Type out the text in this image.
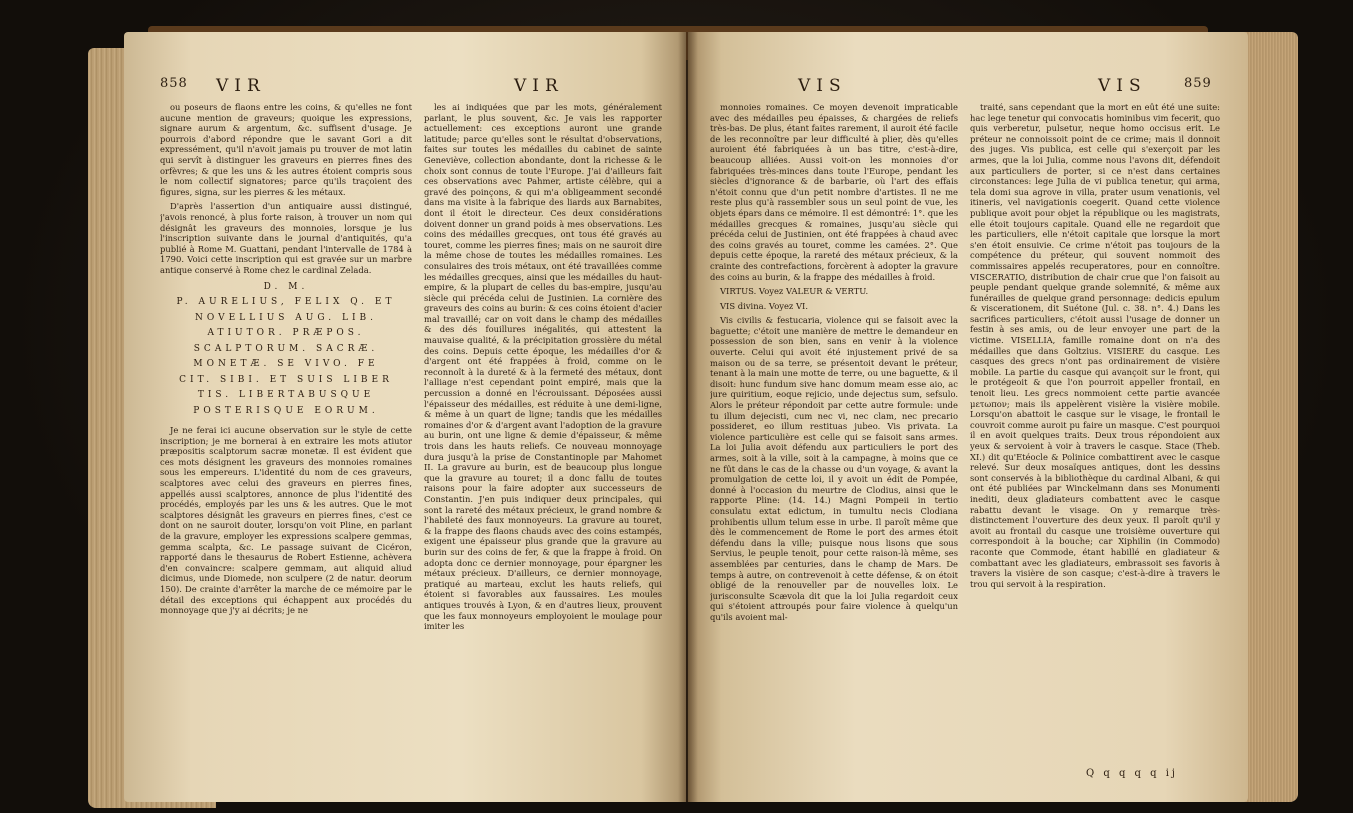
858 VIR	VIR

ou poseurs de flaons entre les coins, & qu'elles ne font aucune mention de graveurs; quoique les expressions, signare aurum & argentum, &c. suffisent d'usage. Je pourrois d'abord répondre que le savant Gori a dit expressément, qu'il n'avoit jamais pu trouver de mot latin qui servît à distinguer les graveurs en pierres fines des orfèvres; & que les uns & les autres étoient compris sous le nom collectif signatores; parce qu'ils traçoient des figures, signa, sur les pierres & les métaux.

D'après l'assertion d'un antiquaire aussi distingué, j'avois renoncé, à plus forte raison, à trouver un nom qui désignât les graveurs des monnoies, lorsque je lus l'inscription suivante dans le journal d'antiquités, qu'a publié à Rome M. Guattani, pendant l'intervalle de 1784 à 1790. Voici cette inscription qui est gravée sur un marbre antique conservé à Rome chez le cardinal Zelada.

D. M.
P. AURELIUS, FELIX Q. ET
NOVELLIUS AUG. LIB.
ATIUTOR. PRÆPOS.
SCALPTORUM. SACRÆ.
MONETÆ. SE VIVO. FE
CIT. SIBI. ET SUIS LIBER
TIS. LIBERTABUSQUE
POSTERISQUE EORUM.

Je ne ferai ici aucune observation sur le style de cette inscription; je me bornerai à en extraire les mots atiutor præpositis scalptorum sacræ monetæ. Il est évident que ces mots désignent les graveurs des monnoies romaines sous les empereurs. L'identité du nom de ces graveurs, scalptores avec celui des graveurs en pierres fines, appellés aussi scalptores, annonce de plus l'identité des procédés, employés par les uns & les autres. Que le mot scalptores désignât les graveurs en pierres fines, c'est ce dont on ne sauroit douter, lorsqu'on voit Pline, en parlant de la gravure, employer les expressions scalpere gemmas, gemma scalpta, &c. Le passage suivant de Cicéron, rapporté dans le thesaurus de Robert Estienne, achèvera d'en convaincre: scalpere gemmam, aut aliquid aliud dicimus, unde Diomede, non sculpere (2 de natur. deorum 150). De crainte d'arrêter la marche de ce mémoire par le détail des exceptions qui échappent aux procédés du monnoyage que j'y ai décrits; je ne

les ai indiquées que par les mots, généralement parlant, le plus souvent, &c. Je vais les rapporter actuellement: ces exceptions auront une grande latitude; parce qu'elles sont le résultat d'observations, faites sur toutes les médailles du cabinet de sainte Geneviève, collection abondante, dont la richesse & le choix sont connus de toute l'Europe. J'ai d'ailleurs fait ces observations avec Pahmer, artiste célèbre, qui a gravé des poinçons, & qui m'a obligeamment secondé dans ma visite à la fabrique des liards aux Barnabites, dont il étoit le directeur. Ces deux considérations doivent donner un grand poids à mes observations. Les coins des médailles grecques, ont tous été gravés au touret, comme les pierres fines; mais on ne sauroit dire la même chose de toutes les médailles romaines. Les consulaires des trois métaux, ont été travaillées comme les médailles grecques, ainsi que les médailles du haut-empire, & la plupart de celles du bas-empire, jusqu'au siècle qui précéda celui de Justinien. La cornière des graveurs des coins au burin: & ces coins étoient d'acier mal travaillé; car on voit dans le champ des médailles & des dés fouillures inégalités, qui attestent la mauvaise qualité, & la précipitation grossière du métal des coins. Depuis cette époque, les médailles d'or & d'argent ont été frappées à froid, comme on le reconnoît à la dureté & à la fermeté des métaux, dont l'alliage n'est cependant point empiré, mais que la percussion a donné en l'écrouissant. Déposées aussi l'épaisseur des médailles, est réduite à une demi-ligne, & même à un quart de ligne; tandis que les médailles romaines d'or & d'argent avant l'adoption de la gravure au burin, ont une ligne & demie d'épaisseur, & même trois dans les hauts reliefs. Ce nouveau monnoyage dura jusqu'à la prise de Constantinople par Mahomet II. La gravure au burin, est de beaucoup plus longue que la gravure au touret; il a donc fallu de toutes raisons pour la faire adopter aux successeurs de Constantin. J'en puis indiquer deux principales, qui sont la rareté des métaux précieux, le grand nombre & l'habileté des faux monnoyeurs. La gravure au touret, & la frappe des flaons chauds avec des coins estampés, exigent une épaisseur plus grande que la gravure au burin sur des coins de fer, & que la frappe à froid. On adopta donc ce dernier monnoyage, pour épargner les métaux précieux. D'ailleurs, ce dernier monnoyage, pratiqué au marteau, exclut les hauts reliefs, qui étoient si favorables aux faussaires. Les moules antiques trouvés à Lyon, & en d'autres lieux, prouvent que les faux monnoyeurs employoient le moulage pour imiter les

VIS	VIS	859

monnoies romaines. Ce moyen devenoit impraticable avec des médailles peu épaisses, & chargées de reliefs très-bas. De plus, étant faites rarement, il auroit été facile de les reconnoître par leur difficulté à plier, dès qu'elles auroient été fabriquées à un bas titre, c'est-à-dire, beaucoup alliées. Aussi voit-on les monnoies d'or fabriquées très-minces dans toute l'Europe, pendant les siècles d'ignorance & de barbarie, où l'art des effais n'étoit connu que d'un petit nombre d'artistes. Il ne me reste plus qu'à rassembler sous un seul point de vue, les objets épars dans ce mémoire. Il est démontré: 1°. que les médailles grecques & romaines, jusqu'au siècle qui précéda celui de Justinien, ont été frappées à chaud avec des coins gravés au touret, comme les camées. 2°. Que depuis cette époque, la rareté des métaux précieux, & la crainte des contrefactions, forcèrent à adopter la gravure des coins au burin, & la frappe des médailles à froid.

VIRTUS. Voyez VALEUR & VERTU.

VIS divina. Voyez VI.

Vis civilis & festucaria, violence qui se faisoit avec la baguette; c'étoit une manière de mettre le demandeur en possession de son bien, sans en venir à la violence ouverte. Celui qui avoit été injustement privé de sa maison ou de sa terre, se présentoit devant le préteur, tenant à la main une motte de terre, ou une baguette, & il disoit: hunc fundum sive hanc domum meam esse aio, ac jure quiritium, eoque rejicio, unde dejectus sum, sefsulo. Alors le préteur répondoit par cette autre formule: unde tu illum dejecisti, cum nec vi, nec clam, nec precario possideret, eo illum restituas jubeo. Vis privata. La violence particulière est celle qui se faisoit sans armes. La loi Julia avoit défendu aux particuliers le port des armes, soit à la ville, soit à la campagne, à moins que ce ne fût dans le cas de la chasse ou d'un voyage, & avant la promulgation de cette loi, il y avoit un édit de Pompée, donné à l'occasion du meurtre de Clodius, ainsi que le rapporte Pline: (14. 14.) Magni Pompeii in tertio consulatu extat edictum, in tumultu necis Clodiana prohibentis ullum telum esse in urbe. Il paroît même que dès le commencement de Rome le port des armes étoit défendu dans la ville; puisque nous lisons que sous Servius, le peuple tenoit, pour cette raison-là même, ses assemblées par centuries, dans le champ de Mars. De temps à autre, on contrevenoit à cette défense, & on étoit obligé de la renouveller par de nouvelles loix. Le jurisconsulte Scævola dit que la loi Julia regardoit ceux qui s'étoient attroupés pour faire violence à quelqu'un qu'ils avoient mal-

traité, sans cependant que la mort en eût été une suite: hac lege tenetur qui convocatis hominibus vim fecerit, quo quis verberetur, pulsetur, neque homo occisus erit. Le préteur ne connoissoit point de ce crime; mais il donnoit des juges. Vis publica, est celle qui s'exerçoit par les armes, que la loi Julia, comme nous l'avons dit, défendoit aux particuliers de porter, si ce n'est dans certaines circonstances: lege Julia de vi publica tenetur, qui arma, tela domi sua agrove in villa, prater usum venationis, vel itineris, vel navigationis coegerit. Quand cette violence publique avoit pour objet la république ou les magistrats, elle étoit toujours capitale. Quand elle ne regardoit que les particuliers, elle n'étoit capitale que lorsque la mort s'en étoit ensuivie. Ce crime n'étoit pas toujours de la compétence du préteur, qui souvent nommoit des commissaires appelés recuperatores, pour en connoître. VISCERATIO, distribution de chair crue que l'on faisoit au peuple pendant quelque grande solemnité, & même aux funérailles de quelque grand personnage: dedicis epulum & viscerationem, dit Suétone (Jul. c. 38. n°. 4.) Dans les sacrifices particuliers, c'étoit aussi l'usage de donner un festin à ses amis, ou de leur envoyer une part de la victime. VISELLIA, famille romaine dont on n'a des médailles que dans Goltzius. VISIERE du casque. Les casques des grecs n'ont pas ordinairement de visière mobile. La partie du casque qui avançoit sur le front, qui le protégeoit & que l'on pourroit appeller frontail, en tenoit lieu. Les grecs nommoient cette partie avancée μετωπον; mais ils appelèrent visière la visière mobile. Lorsqu'on abattoit le casque sur le visage, le frontail le couvroit comme auroit pu faire un masque. C'est pourquoi il en avoit quelques traits. Deux trous répondoient aux yeux & servoient à voir à travers le casque. Stace (Theb. XI.) dit qu'Etéocle & Polinice combattirent avec le casque relevé. Sur deux mosaïques antiques, dont les dessins sont conservés à la bibliothèque du cardinal Albani, & qui ont été publiées par Winckelmann dans ses Monumenti inediti, deux gladiateurs combattent avec le casque rabattu devant le visage. On y remarque très-distinctement l'ouverture des deux yeux. Il paroît qu'il y avoit au frontail du casque une troisième ouverture qui correspondoit à la bouche; car Xiphilin (in Commodo) raconte que Commode, étant habillé en gladiateur & combattant avec les gladiateurs, embrassoit ses favoris à travers la visière de son casque; c'est-à-dire à travers le trou qui servoit à la respiration.

Q q q q q ij
